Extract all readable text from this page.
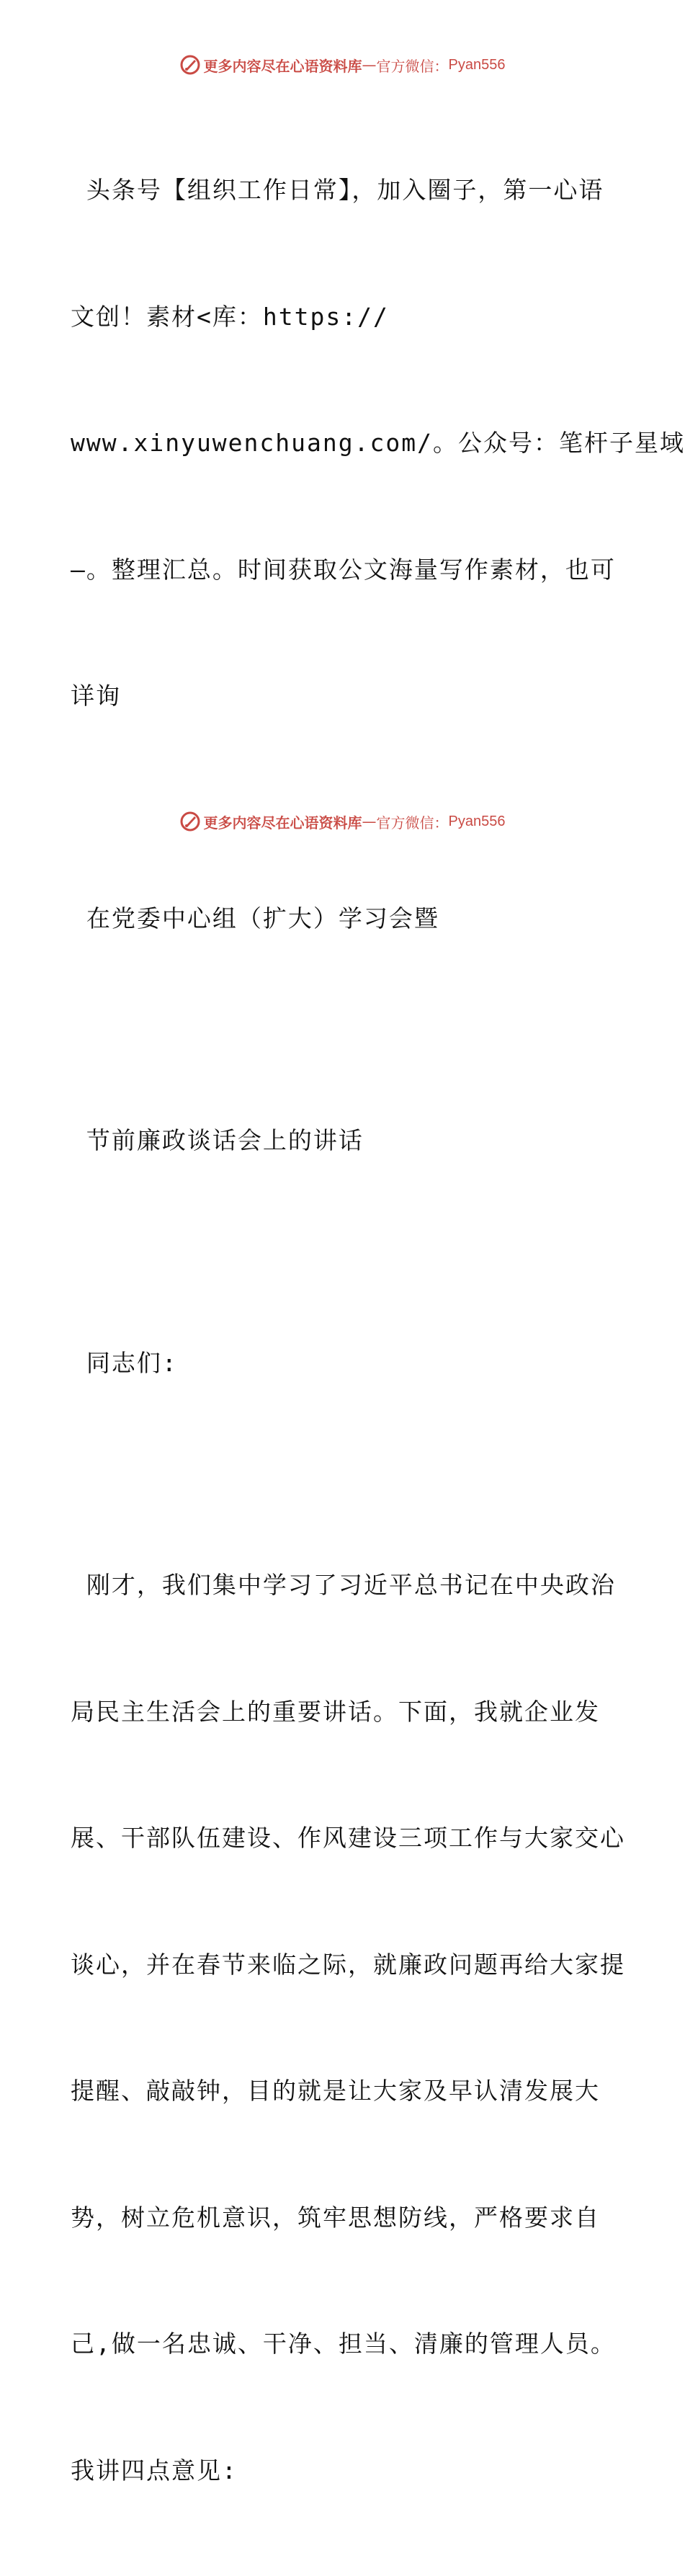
更多内容尽在心语资料库 — 官方微信： Pyan556

头条号【组织工作日常】，加入圈子，第一心语

文创！素材<库：https://

www.xinyuwenchuang.com/。公众号：笔杆子星域

—。整理汇总。时间获取公文海量写作素材，也可

详询

在党委中心组（扩大）学习会暨

节前廉政谈话会上的讲话

同志们:

刚才，我们集中学习了习近平总书记在中央政治

局民主生活会上的重要讲话。下面，我就企业发

展、干部队伍建设、作风建设三项工作与大家交心

谈心，并在春节来临之际，就廉政问题再给大家提

提醒、敲敲钟，目的就是让大家及早认清发展大

势，树立危机意识，筑牢思想防线，严格要求自

己,做一名忠诚、干净、担当、清廉的管理人员。

我讲四点意见:

更多内容尽在心语资料库 — 官方微信： Pyan556
